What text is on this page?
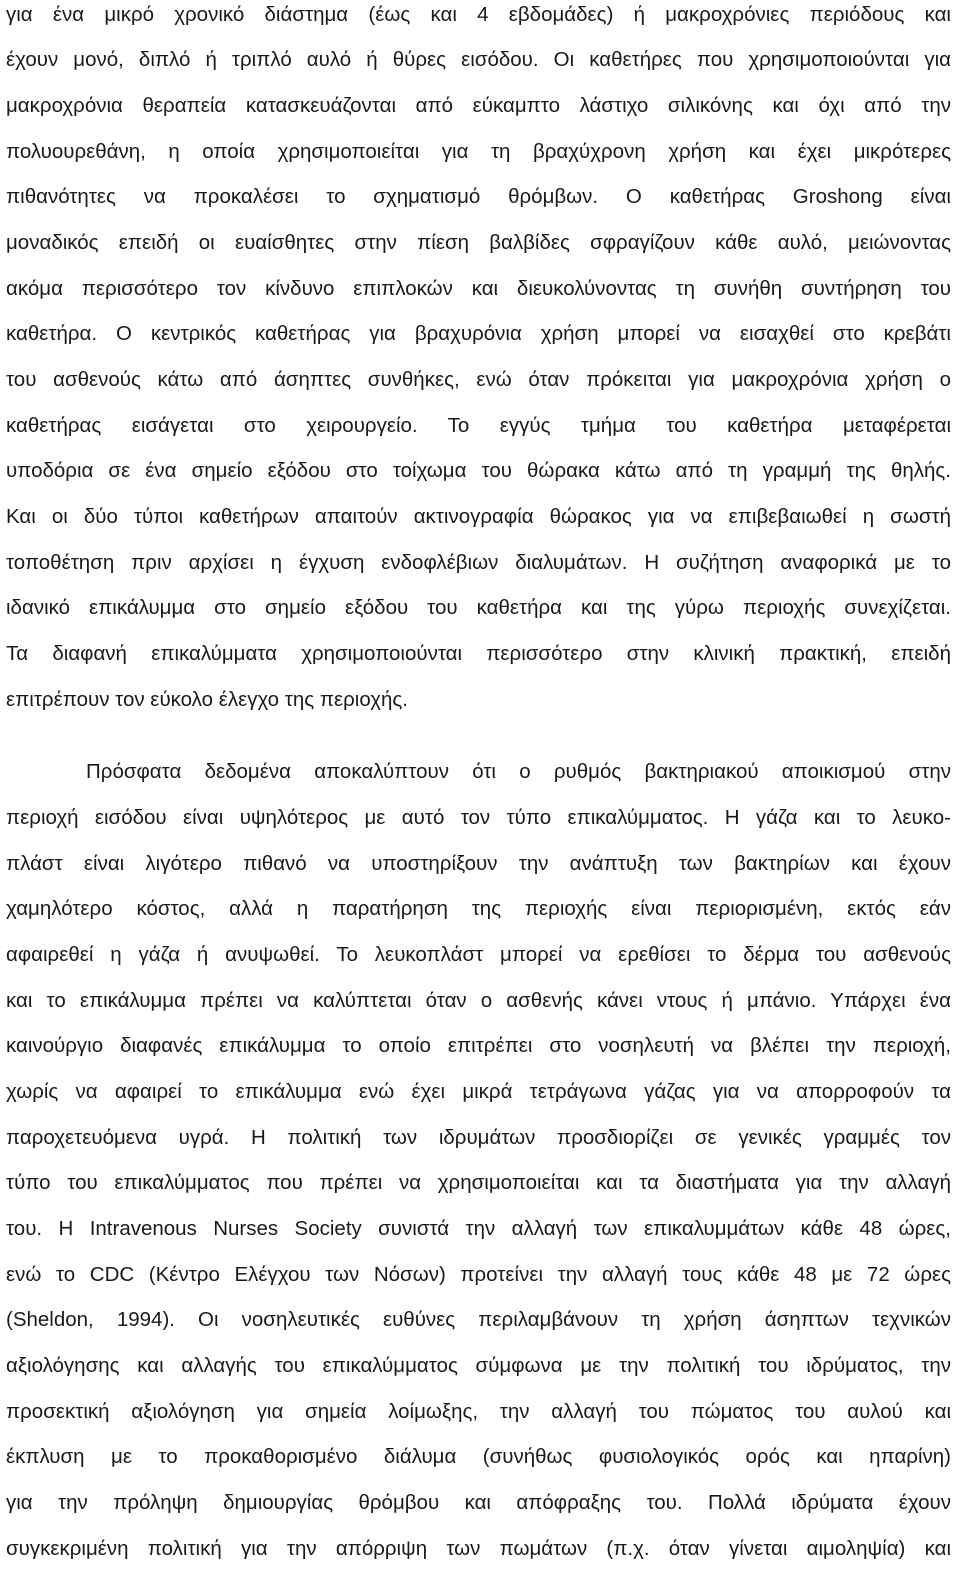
για ένα μικρό χρονικό διάστημα (έως και 4 εβδομάδες) ή μακροχρόνιες περιόδους και
έχουν μονό, διπλό ή τριπλό αυλό ή θύρες εισόδου. Οι καθετήρες που χρησιμοποιούνται για
μακροχρόνια θεραπεία κατασκευάζονται από εύκαμπτο λάστιχο σιλικόνης και όχι από την
πολυουρεθάνη, η οποία χρησιμοποιείται για τη βραχύχρονη χρήση και έχει μικρότερες
πιθανότητες να προκαλέσει το σχηματισμό θρόμβων. Ο καθετήρας Groshong είναι
μοναδικός επειδή οι ευαίσθητες στην πίεση βαλβίδες σφραγίζουν κάθε αυλό, μειώνοντας
ακόμα περισσότερο τον κίνδυνο επιπλοκών και διευκολύνοντας τη συνήθη συντήρηση του
καθετήρα. Ο κεντρικός καθετήρας για βραχυρόνια χρήση μπορεί να εισαχθεί στο κρεβάτι
του ασθενούς κάτω από άσηπτες συνθήκες, ενώ όταν πρόκειται για μακροχρόνια χρήση ο
καθετήρας εισάγεται στο χειρουργείο. Το εγγύς τμήμα του καθετήρα μεταφέρεται
υποδόρια σε ένα σημείο εξόδου στο τοίχωμα του θώρακα κάτω από τη γραμμή της θηλής.
Και οι δύο τύποι καθετήρων απαιτούν ακτινογραφία θώρακος για να επιβεβαιωθεί η σωστή
τοποθέτηση πριν αρχίσει η έγχυση ενδοφλέβιων διαλυμάτων. Η συζήτηση αναφορικά με το
ιδανικό επικάλυμμα στο σημείο εξόδου του καθετήρα και της γύρω περιοχής συνεχίζεται.
Τα διαφανή επικαλύμματα χρησιμοποιούνται περισσότερο στην κλινική πρακτική, επειδή
επιτρέπουν τον εύκολο έλεγχο της περιοχής.
Πρόσφατα δεδομένα αποκαλύπτουν ότι ο ρυθμός βακτηριακού αποικισμού στην
περιοχή εισόδου είναι υψηλότερος με αυτό τον τύπο επικαλύμματος. Η γάζα και το λευκο-
πλάστ είναι λιγότερο πιθανό να υποστηρίξουν την ανάπτυξη των βακτηρίων και έχουν
χαμηλότερο κόστος, αλλά η παρατήρηση της περιοχής είναι περιορισμένη, εκτός εάν
αφαιρεθεί η γάζα ή ανυψωθεί. Το λευκοπλάστ μπορεί να ερεθίσει το δέρμα του ασθενούς
και το επικάλυμμα πρέπει να καλύπτεται όταν ο ασθενής κάνει ντους ή μπάνιο. Υπάρχει ένα
καινούργιο διαφανές επικάλυμμα το οποίο επιτρέπει στο νοσηλευτή να βλέπει την περιοχή,
χωρίς να αφαιρεί το επικάλυμμα ενώ έχει μικρά τετράγωνα γάζας για να απορροφούν τα
παροχετευόμενα υγρά. Η πολιτική των ιδρυμάτων προσδιορίζει σε γενικές γραμμές τον
τύπο του επικαλύμματος που πρέπει να χρησιμοποιείται και τα διαστήματα για την αλλαγή
του. Η Intravenous Nurses Society συνιστά την αλλαγή των επικαλυμμάτων κάθε 48 ώρες,
ενώ το CDC (Κέντρο Ελέγχου των Νόσων) προτείνει την αλλαγή τους κάθε 48 με 72 ώρες
(Sheldon, 1994). Οι νοσηλευτικές ευθύνες περιλαμβάνουν τη χρήση άσηπτων τεχνικών
αξιολόγησης και αλλαγής του επικαλύμματος σύμφωνα με την πολιτική του ιδρύματος, την
προσεκτική αξιολόγηση για σημεία λοίμωξης, την αλλαγή του πώματος του αυλού και
έκπλυση με το προκαθορισμένο διάλυμα (συνήθως φυσιολογικός ορός και ηπαρίνη)
για την πρόληψη δημιουργίας θρόμβου και απόφραξης του. Πολλά ιδρύματα έχουν
συγκεκριμένη πολιτική για την απόρριψη των πωμάτων (π.χ. όταν γίνεται αιμοληψία) και
